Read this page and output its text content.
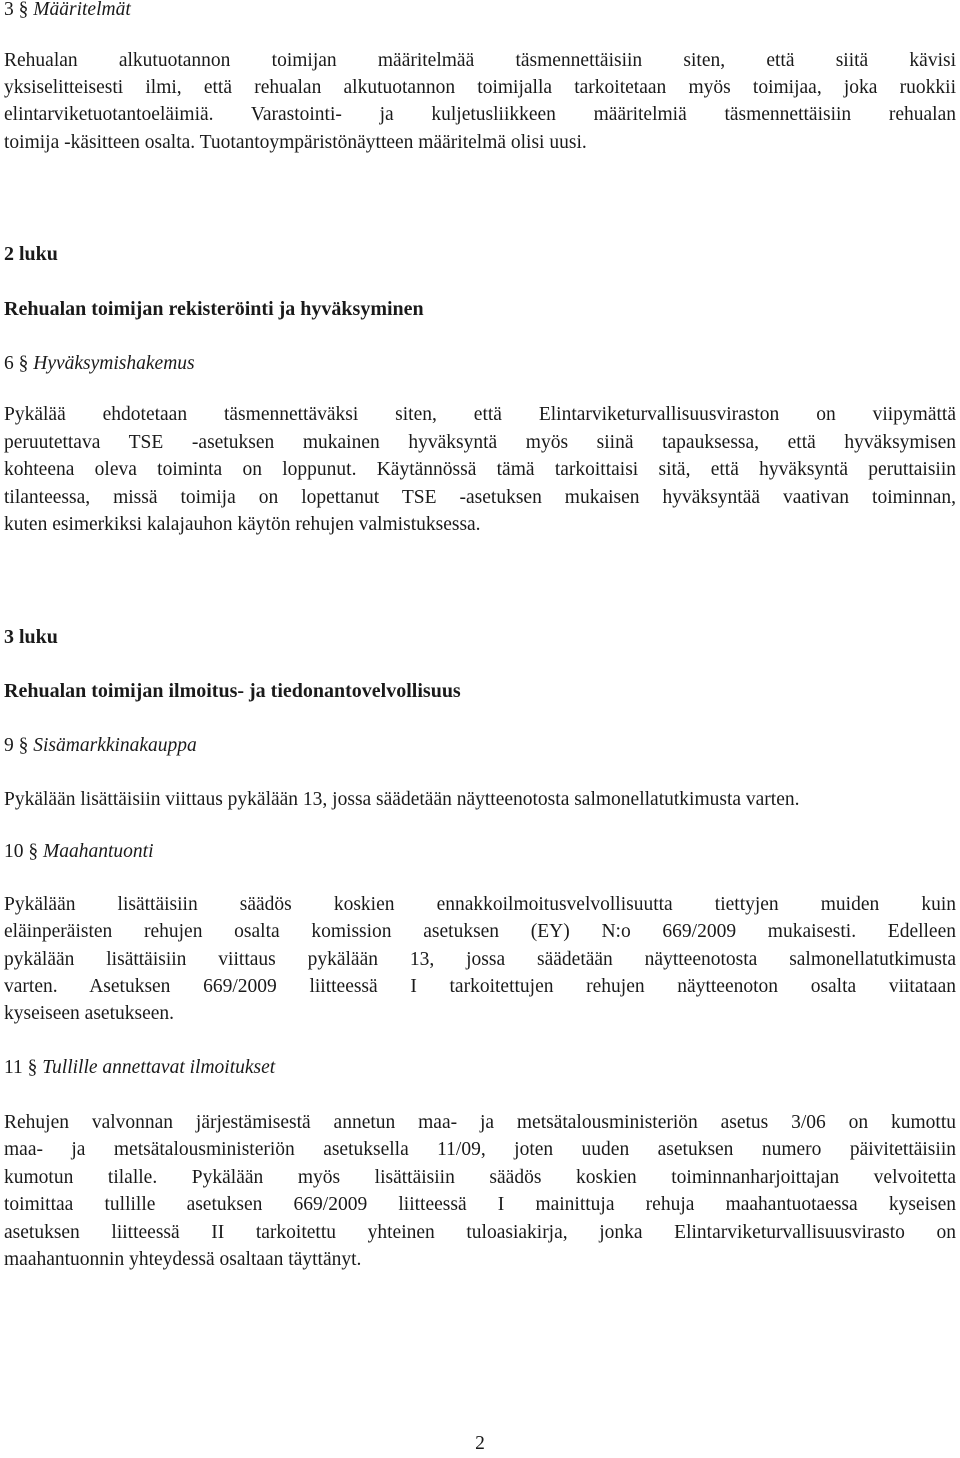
3 § Määritelmät
Rehualan alkutuotannon toimijan määritelmää täsmennettäisiin siten, että siitä kävisi
yksiselitteisesti ilmi, että rehualan alkutuotannon toimijalla tarkoitetaan myös toimijaa, joka ruokkii
elintarviketuotantoeläimiä. Varastointi- ja kuljetusliikkeen määritelmiä täsmennettäisiin rehualan
toimija -käsitteen osalta. Tuotantoympäristönäytteen määritelmä olisi uusi.
2 luku
Rehualan toimijan rekisteröinti ja hyväksyminen
6 § Hyväksymishakemus
Pykälää ehdotetaan täsmennettäväksi siten, että Elintarviketurvallisuusviraston on viipymättä
peruutettava TSE -asetuksen mukainen hyväksyntä myös siinä tapauksessa, että hyväksymisen
kohteena oleva toiminta on loppunut. Käytännössä tämä tarkoittaisi sitä, että hyväksyntä peruttaisiin
tilanteessa, missä toimija on lopettanut TSE -asetuksen mukaisen hyväksyntää vaativan toiminnan,
kuten esimerkiksi kalajauhon käytön rehujen valmistuksessa.
3 luku
Rehualan toimijan ilmoitus- ja tiedonantovelvollisuus
9 § Sisämarkkinakauppa
Pykälään lisättäisiin viittaus pykälään 13, jossa säädetään näytteenotosta salmonellatutkimusta varten.
10 § Maahantuonti
Pykälään lisättäisiin säädös koskien ennakkoilmoitusvelvollisuutta tiettyjen muiden kuin
eläinperäisten rehujen osalta komission asetuksen (EY) N:o 669/2009 mukaisesti. Edelleen
pykälään lisättäisiin viittaus pykälään 13, jossa säädetään näytteenotosta salmonellatutkimusta
varten. Asetuksen 669/2009 liitteessä I tarkoitettujen rehujen näytteenoton osalta viitataan
kyseiseen asetukseen.
11 § Tullille annettavat ilmoitukset
Rehujen valvonnan järjestämisestä annetun maa- ja metsätalousministeriön asetus 3/06 on kumottu
maa- ja metsätalousministeriön asetuksella 11/09, joten uuden asetuksen numero päivitettäisiin
kumotun tilalle. Pykälään myös lisättäisiin säädös koskien toiminnanharjoittajan velvoitetta
toimittaa tullille asetuksen 669/2009 liitteessä I mainittuja rehuja maahantuotaessa kyseisen
asetuksen liitteessä II tarkoitettu yhteinen tuloasiakirja, jonka Elintarviketurvallisuusvirasto on
maahantuonnin yhteydessä osaltaan täyttänyt.
2
